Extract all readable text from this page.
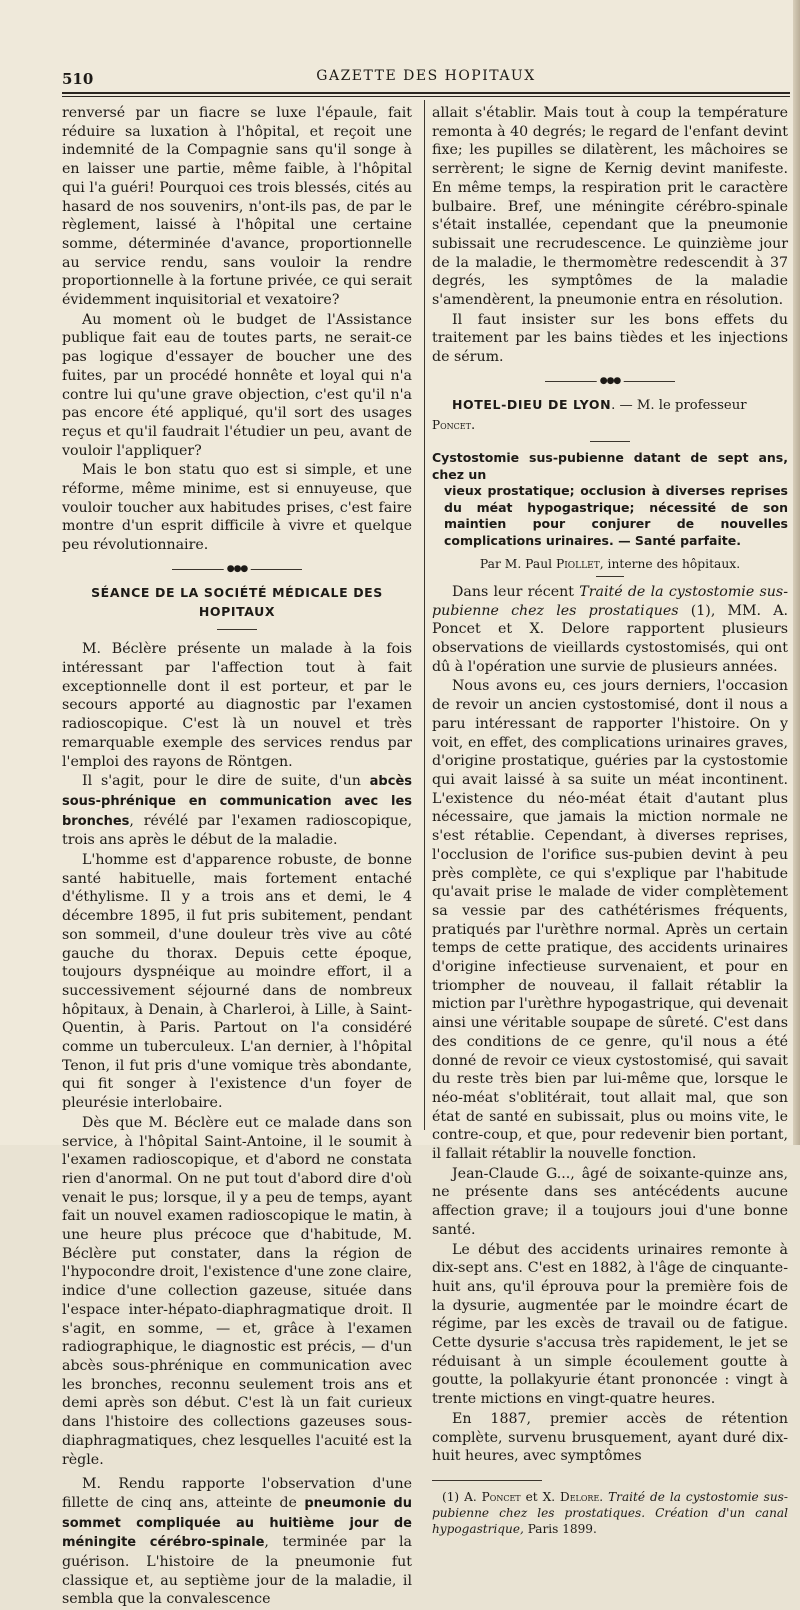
510	GAZETTE DES HOPITAUX

renversé par un fiacre se luxe l'épaule, fait réduire sa luxation à l'hôpital, et reçoit une indemnité de la Compagnie sans qu'il songe à en laisser une partie, même faible, à l'hôpital qui l'a guéri! Pourquoi ces trois blessés, cités au hasard de nos souvenirs, n'ont-ils pas, de par le règlement, laissé à l'hôpital une certaine somme, déterminée d'avance, proportionnelle au service rendu, sans vouloir la rendre proportionnelle à la fortune privée, ce qui serait évidemment inquisitorial et vexatoire?

Au moment où le budget de l'Assistance publique fait eau de toutes parts, ne serait-ce pas logique d'essayer de boucher une des fuites, par un procédé honnête et loyal qui n'a contre lui qu'une grave objection, c'est qu'il n'a pas encore été appliqué, qu'il sort des usages reçus et qu'il faudrait l'étudier un peu, avant de vouloir l'appliquer?

Mais le bon statu quo est si simple, et une réforme, même minime, est si ennuyeuse, que vouloir toucher aux habitudes prises, c'est faire montre d'un esprit difficile à vivre et quelque peu révolutionnaire.

●●●
SÉANCE DE LA SOCIÉTÉ MÉDICALE DES HOPITAUX

M. Béclère présente un malade à la fois intéressant par l'affection tout à fait exceptionnelle dont il est porteur, et par le secours apporté au diagnostic par l'examen radioscopique. C'est là un nouvel et très remarquable exemple des services rendus par l'emploi des rayons de Röntgen.

Il s'agit, pour le dire de suite, d'un abcès sous-phrénique en communication avec les bronches, révélé par l'examen radioscopique, trois ans après le début de la maladie.

L'homme est d'apparence robuste, de bonne santé habituelle, mais fortement entaché d'éthylisme. Il y a trois ans et demi, le 4 décembre 1895, il fut pris subitement, pendant son sommeil, d'une douleur très vive au côté gauche du thorax. Depuis cette époque, toujours dyspnéique au moindre effort, il a successivement séjourné dans de nombreux hôpitaux, à Denain, à Charleroi, à Lille, à Saint-Quentin, à Paris. Partout on l'a considéré comme un tuberculeux. L'an dernier, à l'hôpital Tenon, il fut pris d'une vomique très abondante, qui fit songer à l'existence d'un foyer de pleurésie interlobaire.

Dès que M. Béclère eut ce malade dans son service, à l'hôpital Saint-Antoine, il le soumit à l'examen radioscopique, et d'abord ne constata rien d'anormal. On ne put tout d'abord dire d'où venait le pus; lorsque, il y a peu de temps, ayant fait un nouvel examen radioscopique le matin, à une heure plus précoce que d'habitude, M. Béclère put constater, dans la région de l'hypocondre droit, l'existence d'une zone claire, indice d'une collection gazeuse, située dans l'espace inter-hépato-diaphragmatique droit. Il s'agit, en somme, — et, grâce à l'examen radiographique, le diagnostic est précis, — d'un abcès sous-phrénique en communication avec les bronches, reconnu seulement trois ans et demi après son début. C'est là un fait curieux dans l'histoire des collections gazeuses sous-diaphragmatiques, chez lesquelles l'acuité est la règle.

M. Rendu rapporte l'observation d'une fillette de cinq ans, atteinte de pneumonie du sommet compliquée au huitième jour de méningite cérébro-spinale, terminée par la guérison. L'histoire de la pneumonie fut classique et, au septième jour de la maladie, il sembla que la convalescence

allait s'établir. Mais tout à coup la température remonta à 40 degrés; le regard de l'enfant devint fixe; les pupilles se dilatèrent, les mâchoires se serrèrent; le signe de Kernig devint manifeste. En même temps, la respiration prit le caractère bulbaire. Bref, une méningite cérébro-spinale s'était installée, cependant que la pneumonie subissait une recrudescence. Le quinzième jour de la maladie, le thermomètre redescendit à 37 degrés, les symptômes de la maladie s'amendèrent, la pneumonie entra en résolution.

Il faut insister sur les bons effets du traitement par les bains tièdes et les injections de sérum.

●●●

HOTEL-DIEU DE LYON. — M. le professeur Poncet.

Cystostomie sus-pubienne datant de sept ans, chez un
vieux prostatique; occlusion à diverses reprises du méat hypogastrique; nécessité de son maintien pour conjurer de nouvelles complications urinaires. — Santé parfaite.

Par M. Paul Piollet, interne des hôpitaux.

Dans leur récent Traité de la cystostomie sus-pubienne chez les prostatiques (1), MM. A. Poncet et X. Delore rapportent plusieurs observations de vieillards cystostomisés, qui ont dû à l'opération une survie de plusieurs années.

Nous avons eu, ces jours derniers, l'occasion de revoir un ancien cystostomisé, dont il nous a paru intéressant de rapporter l'histoire. On y voit, en effet, des complications urinaires graves, d'origine prostatique, guéries par la cystostomie qui avait laissé à sa suite un méat incontinent. L'existence du néo-méat était d'autant plus nécessaire, que jamais la miction normale ne s'est rétablie. Cependant, à diverses reprises, l'occlusion de l'orifice sus-pubien devint à peu près complète, ce qui s'explique par l'habitude qu'avait prise le malade de vider complètement sa vessie par des cathétérismes fréquents, pratiqués par l'urèthre normal. Après un certain temps de cette pratique, des accidents urinaires d'origine infectieuse survenaient, et pour en triompher de nouveau, il fallait rétablir la miction par l'urèthre hypogastrique, qui devenait ainsi une véritable soupape de sûreté. C'est dans des conditions de ce genre, qu'il nous a été donné de revoir ce vieux cystostomisé, qui savait du reste très bien par lui-même que, lorsque le néo-méat s'oblitérait, tout allait mal, que son état de santé en subissait, plus ou moins vite, le contre-coup, et que, pour redevenir bien portant, il fallait rétablir la nouvelle fonction.

Jean-Claude G..., âgé de soixante-quinze ans, ne présente dans ses antécédents aucune affection grave; il a toujours joui d'une bonne santé.

Le début des accidents urinaires remonte à dix-sept ans. C'est en 1882, à l'âge de cinquante-huit ans, qu'il éprouva pour la première fois de la dysurie, augmentée par le moindre écart de régime, par les excès de travail ou de fatigue. Cette dysurie s'accusa très rapidement, le jet se réduisant à un simple écoulement goutte à goutte, la pollakyurie étant prononcée : vingt à trente mictions en vingt-quatre heures.

En 1887, premier accès de rétention complète, survenu brusquement, ayant duré dix-huit heures, avec symptômes

(1) A. Poncet et X. Delore. Traité de la cystostomie sus-pubienne chez les prostatiques. Création d'un canal hypogastrique, Paris 1899.
